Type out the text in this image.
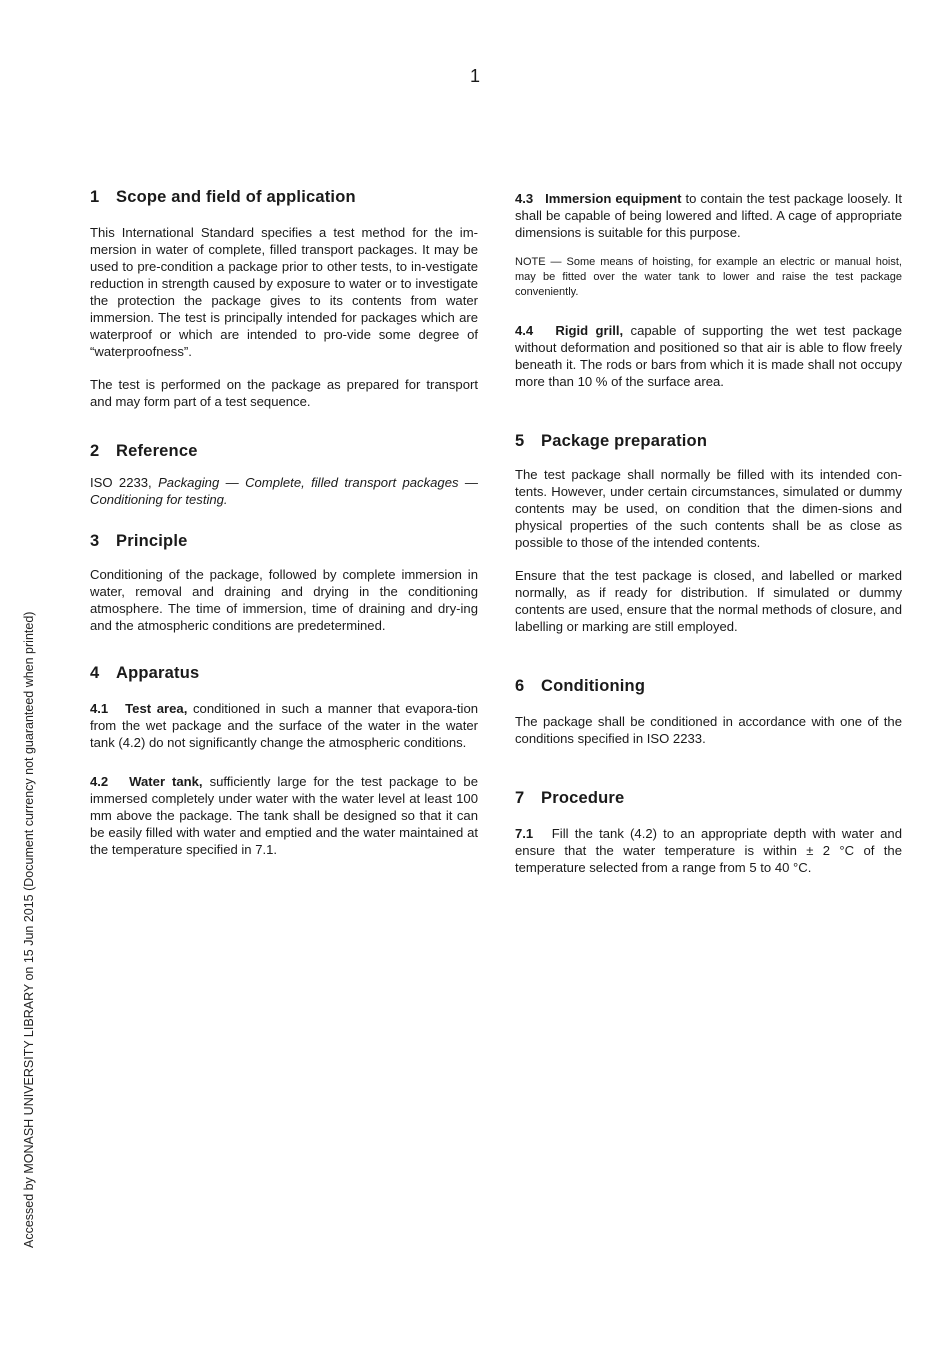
1
Accessed by MONASH UNIVERSITY LIBRARY on 15 Jun 2015 (Document currency not guaranteed when printed)
1 Scope and field of application

This International Standard specifies a test method for the im-mersion in water of complete, filled transport packages. It may be used to pre-condition a package prior to other tests, to in-vestigate reduction in strength caused by exposure to water or to investigate the protection the package gives to its contents from water immersion. The test is principally intended for packages which are waterproof or which are intended to pro-vide some degree of “waterproofness”.

The test is performed on the package as prepared for transport and may form part of a test sequence.

2 Reference

ISO 2233, Packaging — Complete, filled transport packages — Conditioning for testing.

3 Principle

Conditioning of the package, followed by complete immersion in water, removal and draining and drying in the conditioning atmosphere. The time of immersion, time of draining and dry-ing and the atmospheric conditions are predetermined.

4 Apparatus

4.1 Test area, conditioned in such a manner that evapora-tion from the wet package and the surface of the water in the water tank (4.2) do not significantly change the atmospheric conditions.

4.2 Water tank, sufficiently large for the test package to be immersed completely under water with the water level at least 100 mm above the package. The tank shall be designed so that it can be easily filled with water and emptied and the water maintained at the temperature specified in 7.1.

4.3 Immersion equipment to contain the test package loosely. It shall be capable of being lowered and lifted. A cage of appropriate dimensions is suitable for this purpose.

NOTE — Some means of hoisting, for example an electric or manual hoist, may be fitted over the water tank to lower and raise the test package conveniently.

4.4 Rigid grill, capable of supporting the wet test package without deformation and positioned so that air is able to flow freely beneath it. The rods or bars from which it is made shall not occupy more than 10 % of the surface area.

5 Package preparation

The test package shall normally be filled with its intended con-tents. However, under certain circumstances, simulated or dummy contents may be used, on condition that the dimen-sions and physical properties of the such contents shall be as close as possible to those of the intended contents.

Ensure that the test package is closed, and labelled or marked normally, as if ready for distribution. If simulated or dummy contents are used, ensure that the normal methods of closure, and labelling or marking are still employed.

6 Conditioning

The package shall be conditioned in accordance with one of the conditions specified in ISO 2233.

7 Procedure

7.1 Fill the tank (4.2) to an appropriate depth with water and ensure that the water temperature is within ± 2 °C of the temperature selected from a range from 5 to 40 °C.
